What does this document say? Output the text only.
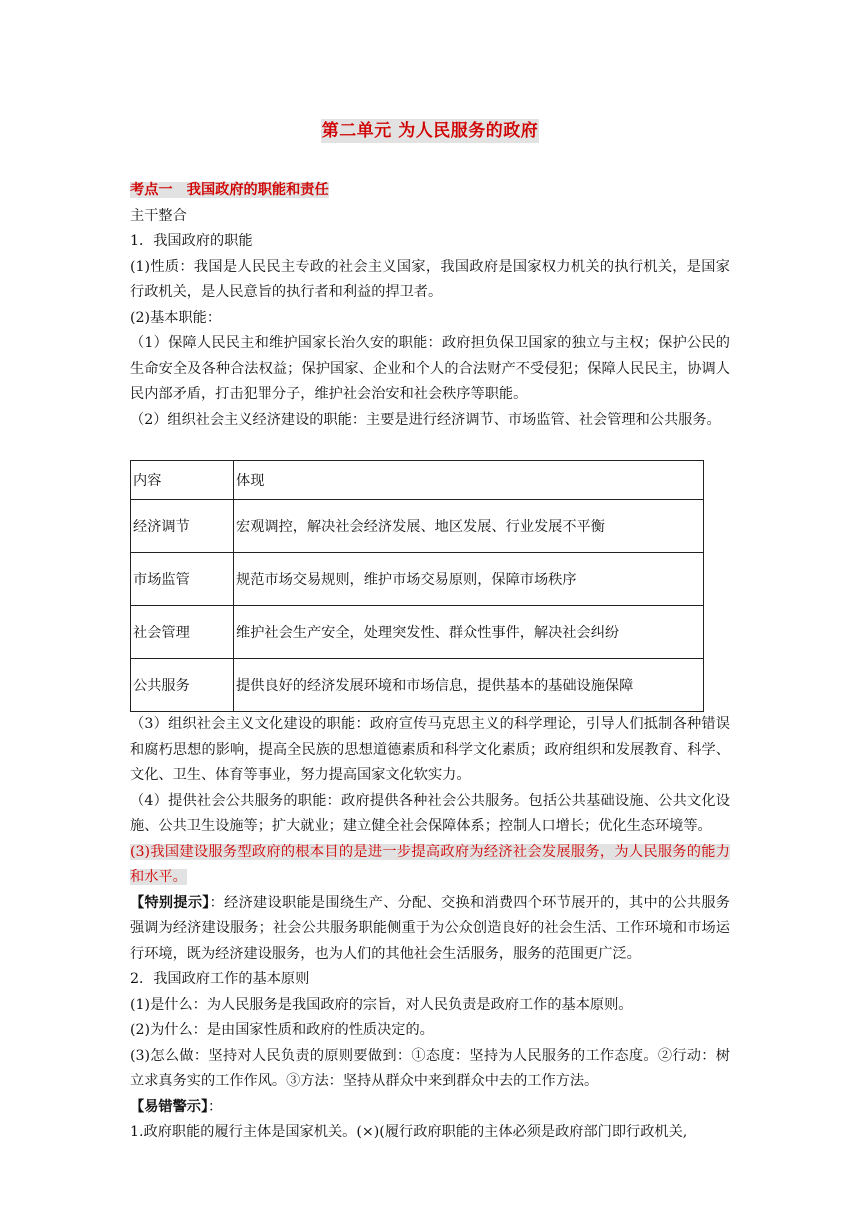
第二单元 为人民服务的政府
考点一　我国政府的职能和责任
主干整合
1．我国政府的职能
(1)性质：我国是人民民主专政的社会主义国家，我国政府是国家权力机关的执行机关，是国家行政机关，是人民意旨的执行者和利益的捍卫者。
(2)基本职能：
（1）保障人民民主和维护国家长治久安的职能：政府担负保卫国家的独立与主权；保护公民的生命安全及各种合法权益；保护国家、企业和个人的合法财产不受侵犯；保障人民民主，协调人民内部矛盾，打击犯罪分子，维护社会治安和社会秩序等职能。
（2）组织社会主义经济建设的职能：主要是进行经济调节、市场监管、社会管理和公共服务。
内容	体现
经济调节	宏观调控，解决社会经济发展、地区发展、行业发展不平衡
市场监管	规范市场交易规则，维护市场交易原则，保障市场秩序
社会管理	维护社会生产安全，处理突发性、群众性事件，解决社会纠纷
公共服务	提供良好的经济发展环境和市场信息，提供基本的基础设施保障
（3）组织社会主义文化建设的职能：政府宣传马克思主义的科学理论，引导人们抵制各种错误和腐朽思想的影响，提高全民族的思想道德素质和科学文化素质；政府组织和发展教育、科学、文化、卫生、体育等事业，努力提高国家文化软实力。
（4）提供社会公共服务的职能：政府提供各种社会公共服务。包括公共基础设施、公共文化设施、公共卫生设施等；扩大就业；建立健全社会保障体系；控制人口增长；优化生态环境等。
(3)我国建设服务型政府的根本目的是进一步提高政府为经济社会发展服务，为人民服务的能力和水平。
【特别提示】：经济建设职能是围绕生产、分配、交换和消费四个环节展开的，其中的公共服务强调为经济建设服务；社会公共服务职能侧重于为公众创造良好的社会生活、工作环境和市场运行环境，既为经济建设服务，也为人们的其他社会生活服务，服务的范围更广泛。
2．我国政府工作的基本原则
(1)是什么：为人民服务是我国政府的宗旨，对人民负责是政府工作的基本原则。
(2)为什么：是由国家性质和政府的性质决定的。
(3)怎么做：坚持对人民负责的原则要做到：①态度：坚持为人民服务的工作态度。②行动：树立求真务实的工作作风。③方法：坚持从群众中来到群众中去的工作方法。
【易错警示】：
1.政府职能的履行主体是国家机关。(×)(履行政府职能的主体必须是政府部门即行政机关,
